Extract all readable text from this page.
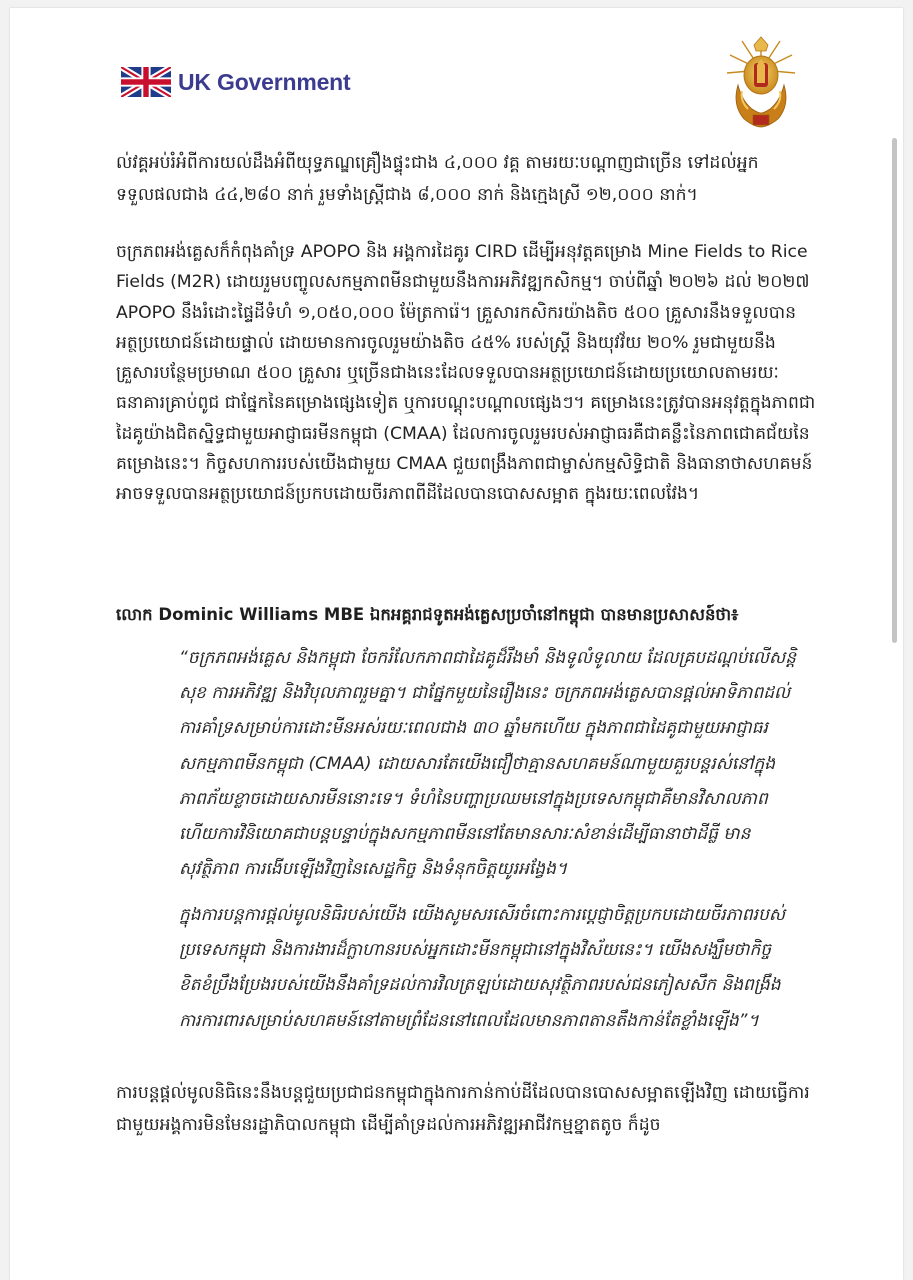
UK Government

ល់វគ្គអប់រំអំពីការយល់ដឹងអំពីយុទ្ធភណ្ឌគ្រឿងផ្ទុះជាង ៤,០០០ វគ្គ តាមរយៈបណ្តាញជាច្រើន ទៅដល់អ្នកទទួលផលជាង ៤៤,២៨០ នាក់ រួមទាំងស្ត្រីជាង ៨,០០០ នាក់ និងក្មេងស្រី ១២,០០០ នាក់។

ចក្រភពអង់គ្លេសក៏កំពុងគាំទ្រ APOPO និង អង្គការដៃគូរ CIRD ដើម្បីអនុវត្តគម្រោង Mine Fields to Rice Fields (M2R) ដោយរួមបញ្ចូលសកម្មភាពមីនជាមួយនឹងការអភិវឌ្ឍកសិកម្ម។ ចាប់ពីឆ្នាំ ២០២៦ ដល់ ២០២៧ APOPO នឹងរំដោះផ្ទៃដីទំហំ ១,០៥០,០០០ ម៉ែត្រការ៉េ។ គ្រួសារកសិករយ៉ាងតិច ៥០០ គ្រួសារនឹងទទួលបានអត្ថប្រយោជន៍ដោយផ្ទាល់ ដោយមានការចូលរួមយ៉ាងតិច ៤៥% របស់ស្ត្រី និងយុវវ័យ ២០% រួមជាមួយនឹងគ្រួសារបន្ថែមប្រមាណ ៥០០ គ្រួសារ ឬច្រើនជាងនេះដែលទទួលបានអត្ថប្រយោជន៍ដោយប្រយោលតាមរយៈធនាគារគ្រាប់ពូជ ជាផ្នែកនៃគម្រោងផ្សេងទៀត ឬការបណ្តុះបណ្តាលផ្សេងៗ។ គម្រោងនេះត្រូវបានអនុវត្តក្នុងភាពជាដៃគូយ៉ាងជិតស្និទ្ធជាមួយអាជ្ញាធរមីនកម្ពុជា (CMAA) ដែលការចូលរួមរបស់អាជ្ញាធរគឺជាគន្លឹះនៃភាពជោគជ័យនៃគម្រោងនេះ។ កិច្ចសហការរបស់យើងជាមួយ CMAA ជួយពង្រឹងភាពជាម្ចាស់កម្មសិទ្ធិជាតិ និងធានាថាសហគមន៍អាចទទួលបានអត្ថប្រយោជន៍ប្រកបដោយចីរភាពពីដីដែលបានបោសសម្អាត ក្នុងរយៈពេលវែង។

លោក Dominic Williams MBE ឯកអគ្គរាជទូតអង់គ្លេសប្រចាំនៅកម្ពុជា បានមានប្រសាសន៍ថា៖

“ចក្រភពអង់គ្លេស និងកម្ពុជា ចែករំលែកភាពជាដៃគូដ៏រឹងមាំ និងទូលំទូលាយ ដែលគ្របដណ្តប់លើសន្តិសុខ ការអភិវឌ្ឍ និងវិបុលភាពរួមគ្នា។ ជាផ្នែកមួយនៃរឿងនេះ ចក្រភពអង់គ្លេសបានផ្តល់អាទិភាពដល់ការគាំទ្រសម្រាប់ការដោះមីនអស់រយៈពេលជាង ៣០ ឆ្នាំមកហើយ ក្នុងភាពជាដៃគូជាមួយអាជ្ញាធរសកម្មភាពមីនកម្ពុជា (CMAA) ដោយសារតែយើងជឿថាគ្មានសហគមន៍ណាមួយគួរបន្តរស់នៅក្នុងភាពភ័យខ្លាចដោយសារមីននោះទេ។ ទំហំនៃបញ្ហាប្រឈមនៅក្នុងប្រទេសកម្ពុជាគឺមានវិសាលភាព ហើយការវិនិយោគជាបន្តបន្ទាប់ក្នុងសកម្មភាពមីននៅតែមានសារៈសំខាន់ដើម្បីធានាថាដីធ្លី មានសុវត្ថិភាព ការងើបឡើងវិញនៃសេដ្ឋកិច្ច និងទំនុកចិត្តយូរអង្វែង។

ក្នុងការបន្តការផ្តល់មូលនិធិរបស់យើង យើងសូមសរសើរចំពោះការប្តេជ្ញាចិត្តប្រកបដោយចីរភាពរបស់ប្រទេសកម្ពុជា និងការងារដ៏ក្លាហានរបស់អ្នកដោះមីនកម្ពុជានៅក្នុងវិស័យនេះ។ យើងសង្ឃឹមថាកិច្ចខិតខំប្រឹងប្រែងរបស់យើងនឹងគាំទ្រដល់ការវិលត្រឡប់ដោយសុវត្ថិភាពរបស់ជនភៀសសឹក និងពង្រឹងការការពារសម្រាប់សហគមន៍នៅតាមព្រំដែននៅពេលដែលមានភាពតានតឹងកាន់តែខ្លាំងឡើង”។

ការបន្តផ្តល់មូលនិធិនេះនឹងបន្តជួយប្រជាជនកម្ពុជាក្នុងការកាន់កាប់ដីដែលបានបោសសម្អាតឡើងវិញ ដោយធ្វើការជាមួយអង្គការមិនមែនរដ្ឋាភិបាលកម្ពុជា ដើម្បីគាំទ្រដល់ការអភិវឌ្ឍអាជីវកម្មខ្នាតតូច ក៏ដូច
